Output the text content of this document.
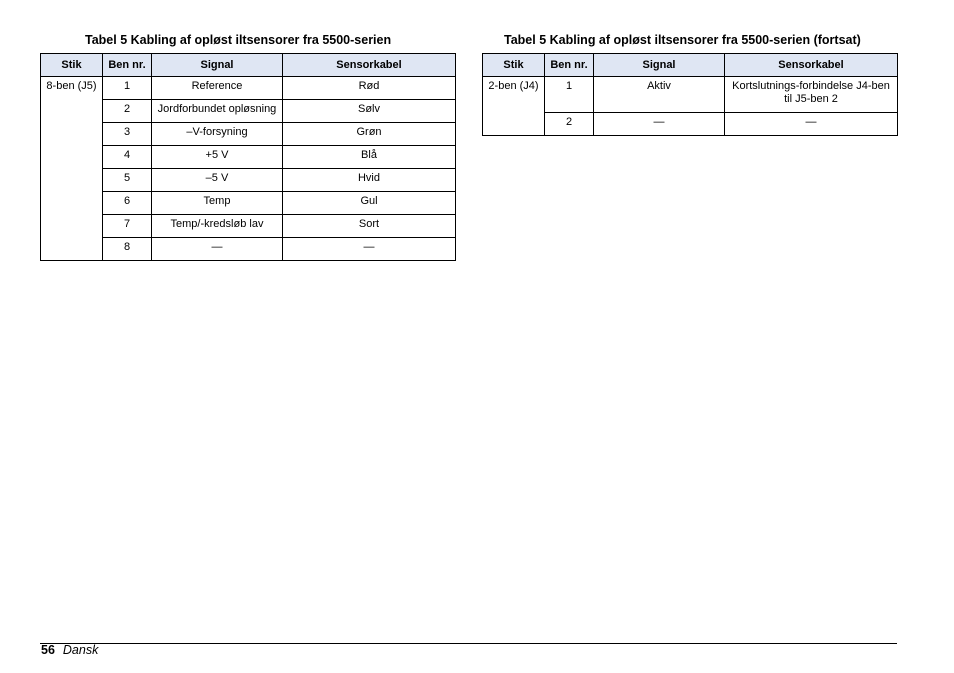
Tabel 5 Kabling af opløst iltsensorer fra 5500-serien	Tabel 5 Kabling af opløst iltsensorer fra 5500-serien (fortsat)
Stik	Ben nr.	Signal	Sensorkabel
8-ben (J5)	1	Reference	Rød
	2	Jordforbundet opløsning	Sølv
	3	–V-forsyning	Grøn
	4	+5 V	Blå
	5	–5 V	Hvid
	6	Temp	Gul
	7	Temp/-kredsløb lav	Sort
	8	—	—
Stik	Ben nr.	Signal	Sensorkabel
2-ben (J4)	1	Aktiv	Kortslutnings-forbindelse J4-ben til J5-ben 2
	2	—	—
56 Dansk
